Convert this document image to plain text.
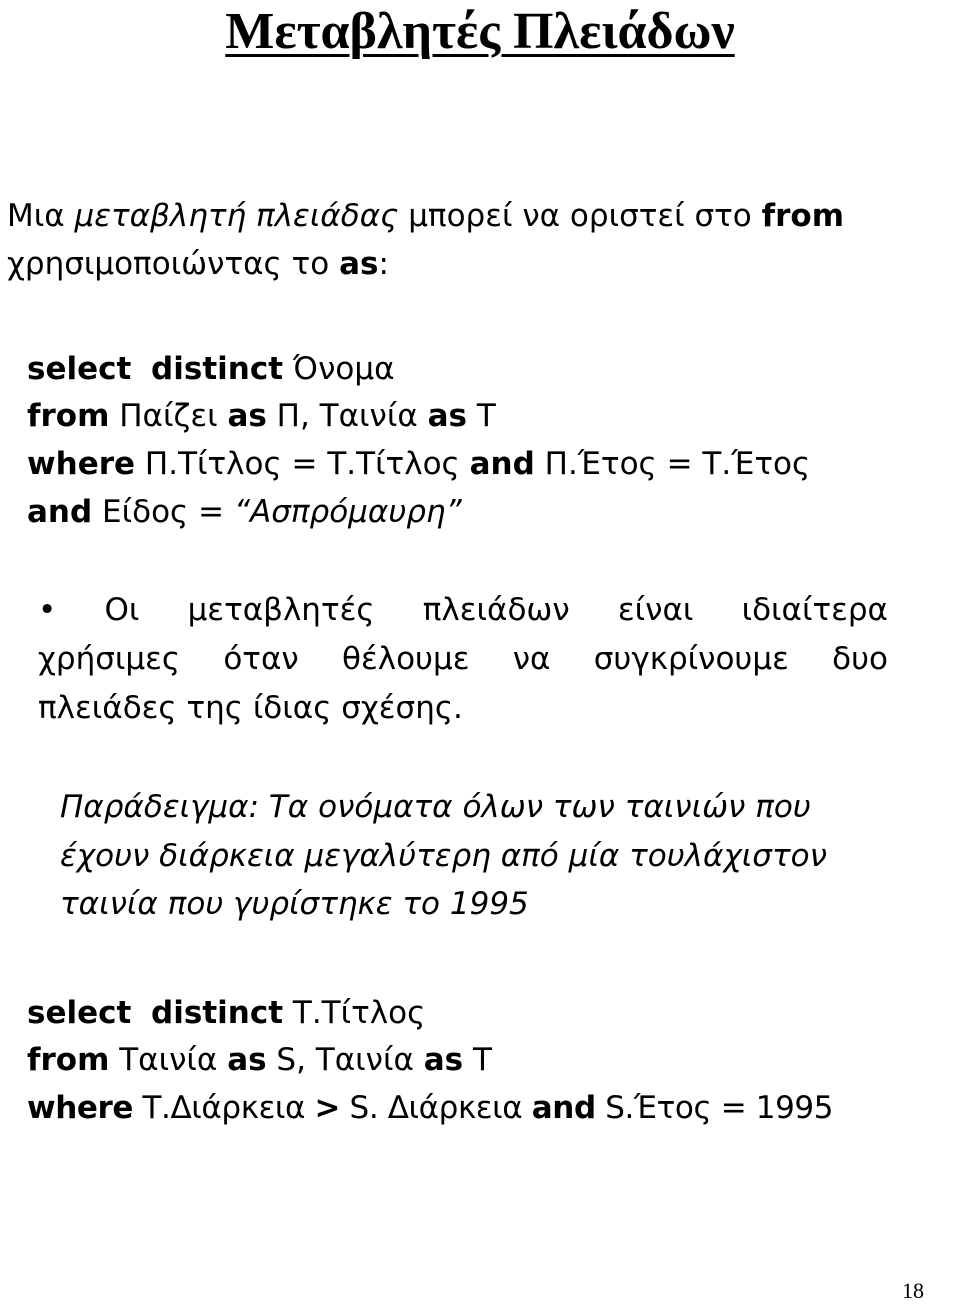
Μεταβλητές Πλειάδων
Μια μεταβλητή πλειάδας μπορεί να οριστεί στο from
χρησιμοποιώντας το as:
select distinct Όνομα
from Παίζει as Π, Ταινία as Τ
where Π.Τίτλος = Τ.Τίτλος and Π.Έτος = Τ.Έτος
and Είδος = “Ασπρόμαυρη”
• Οι μεταβλητές πλειάδων είναι ιδιαίτερα
χρήσιμες όταν θέλουμε να συγκρίνουμε δυο
πλειάδες της ίδιας σχέσης.
Παράδειγμα: Τα ονόματα όλων των ταινιών που
έχουν διάρκεια μεγαλύτερη από μία τουλάχιστον
ταινία που γυρίστηκε το 1995
select distinct Τ.Τίτλος
from Ταινία as S, Ταινία as Τ
where Τ.Διάρκεια > S. Διάρκεια and S.Έτος = 1995
18
